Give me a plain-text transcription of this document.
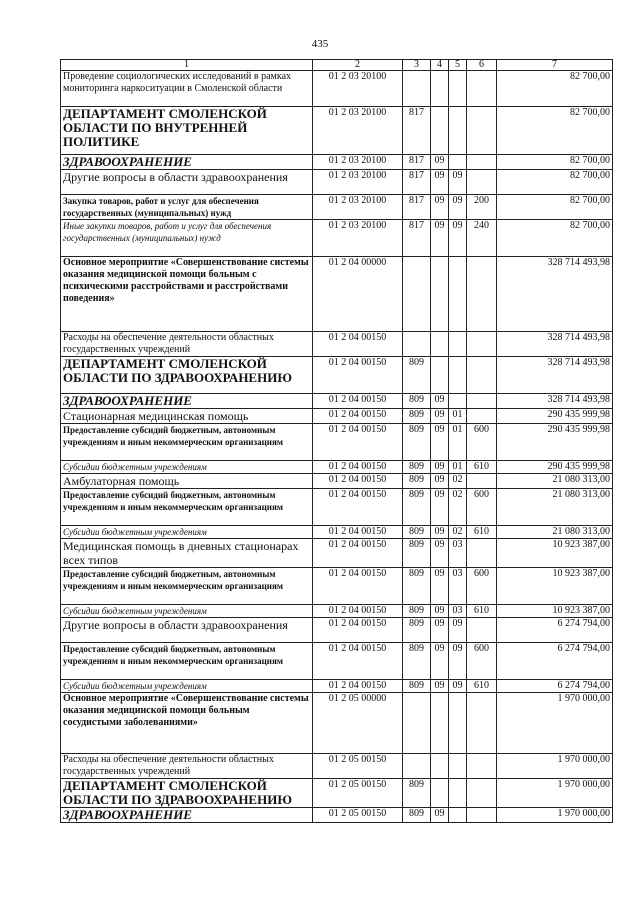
435
1	2	3	4	5	6	7
Проведение социологических исследований в рамках мониторинга наркоситуации в Смоленской области	01 2 03 20100					82 700,00
ДЕПАРТАМЕНТ СМОЛЕНСКОЙ ОБЛАСТИ ПО ВНУТРЕННЕЙ ПОЛИТИКЕ	01 2 03 20100	817				82 700,00
ЗДРАВООХРАНЕНИЕ	01 2 03 20100	817	09			82 700,00
Другие вопросы в области здравоохранения	01 2 03 20100	817	09	09		82 700,00
Закупка товаров, работ и услуг для обеспечения государственных (муниципальных) нужд	01 2 03 20100	817	09	09	200	82 700,00
Иные закупки товаров, работ и услуг для обеспечения государственных (муниципальных) нужд	01 2 03 20100	817	09	09	240	82 700,00
Основное мероприятие «Совершенствование системы оказания медицинской помощи больным с психическими расстройствами и расстройствами поведения»	01 2 04 00000					328 714 493,98
Расходы на обеспечение деятельности областных государственных учреждений	01 2 04 00150					328 714 493,98
ДЕПАРТАМЕНТ СМОЛЕНСКОЙ ОБЛАСТИ ПО ЗДРАВООХРАНЕНИЮ	01 2 04 00150	809				328 714 493,98
ЗДРАВООХРАНЕНИЕ	01 2 04 00150	809	09			328 714 493,98
Стационарная медицинская помощь	01 2 04 00150	809	09	01		290 435 999,98
Предоставление субсидий бюджетным, автономным учреждениям и иным некоммерческим организациям	01 2 04 00150	809	09	01	600	290 435 999,98
Субсидии бюджетным учреждениям	01 2 04 00150	809	09	01	610	290 435 999,98
Амбулаторная помощь	01 2 04 00150	809	09	02		21 080 313,00
Предоставление субсидий бюджетным, автономным учреждениям и иным некоммерческим организациям	01 2 04 00150	809	09	02	600	21 080 313,00
Субсидии бюджетным учреждениям	01 2 04 00150	809	09	02	610	21 080 313,00
Медицинская помощь в дневных стационарах всех типов	01 2 04 00150	809	09	03		10 923 387,00
Предоставление субсидий бюджетным, автономным учреждениям и иным некоммерческим организациям	01 2 04 00150	809	09	03	600	10 923 387,00
Субсидии бюджетным учреждениям	01 2 04 00150	809	09	03	610	10 923 387,00
Другие вопросы в области здравоохранения	01 2 04 00150	809	09	09		6 274 794,00
Предоставление субсидий бюджетным, автономным учреждениям и иным некоммерческим организациям	01 2 04 00150	809	09	09	600	6 274 794,00
Субсидии бюджетным учреждениям	01 2 04 00150	809	09	09	610	6 274 794,00
Основное мероприятие «Совершенствование системы оказания медицинской помощи больным сосудистыми заболеваниями»	01 2 05 00000					1 970 000,00
Расходы на обеспечение деятельности областных государственных учреждений	01 2 05 00150					1 970 000,00
ДЕПАРТАМЕНТ СМОЛЕНСКОЙ ОБЛАСТИ ПО ЗДРАВООХРАНЕНИЮ	01 2 05 00150	809				1 970 000,00
ЗДРАВООХРАНЕНИЕ	01 2 05 00150	809	09			1 970 000,00
